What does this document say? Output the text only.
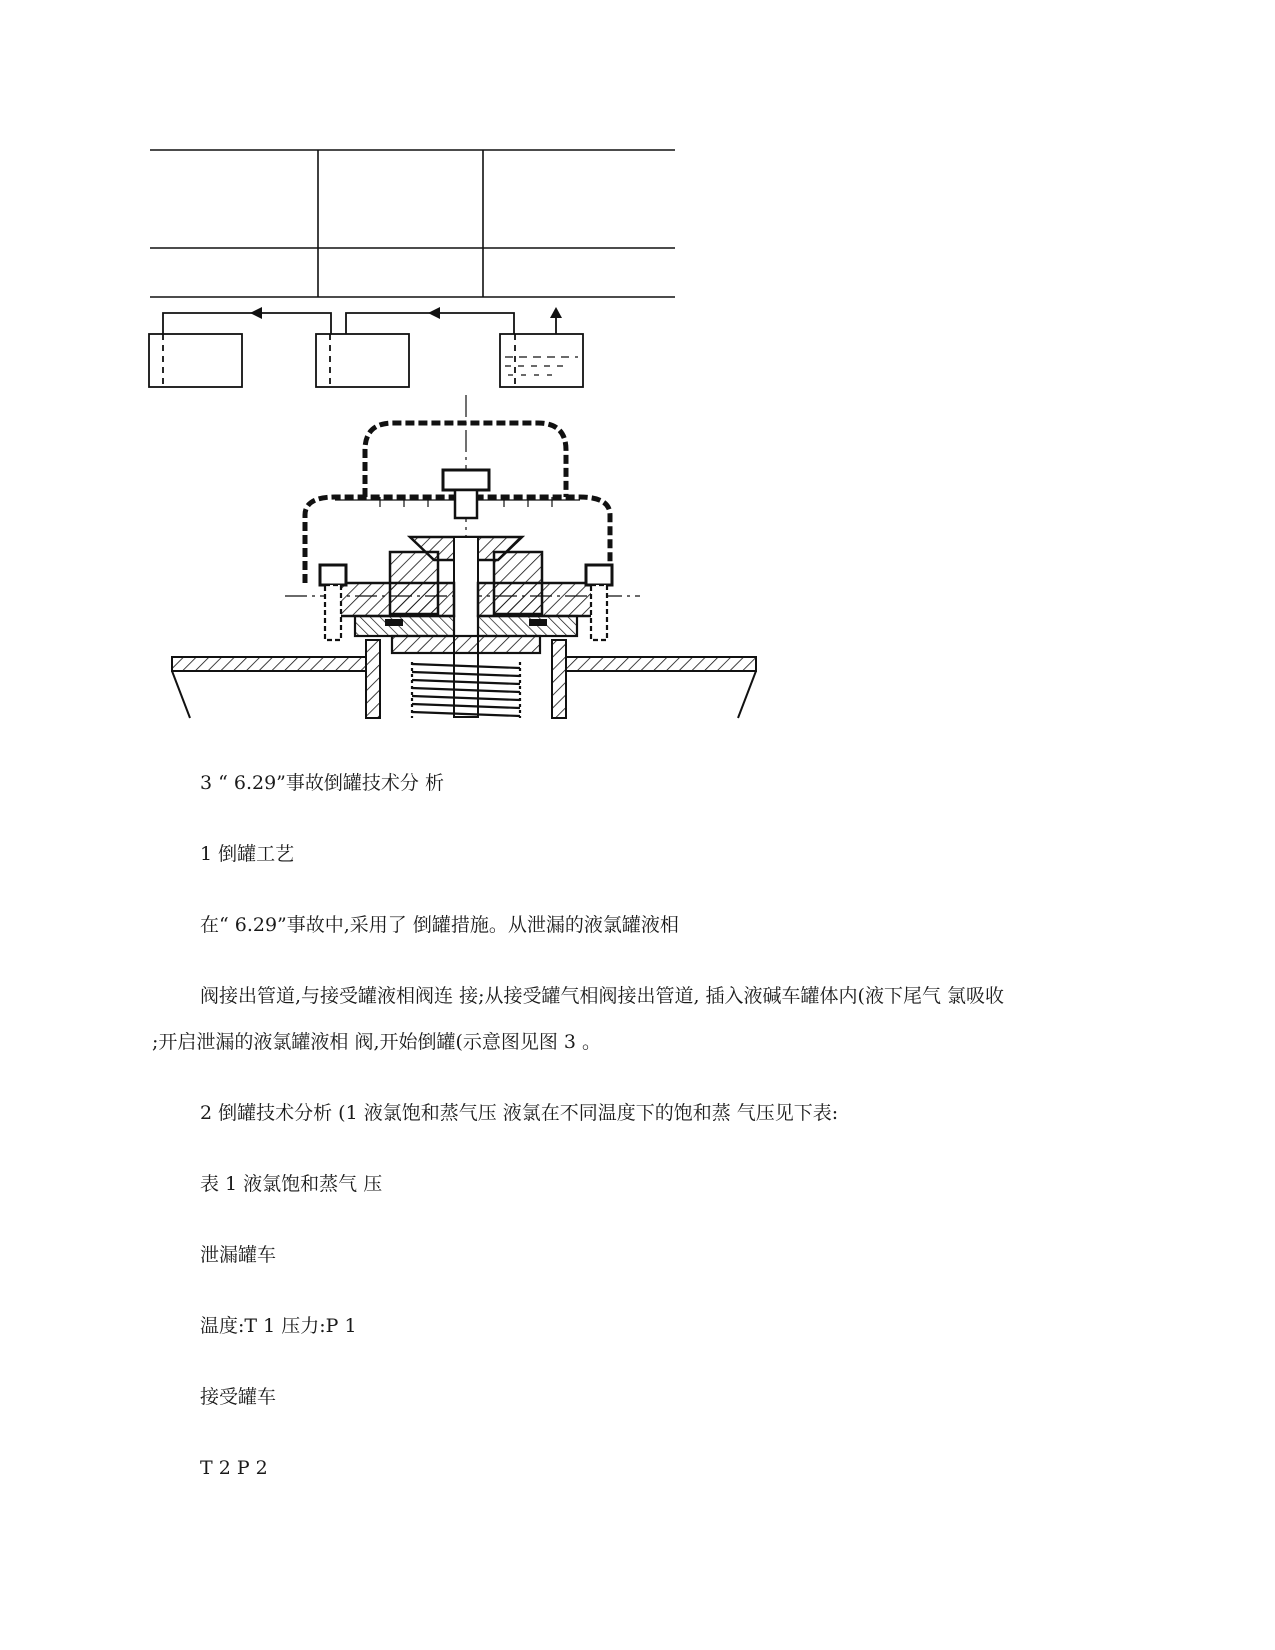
3 “ 6.29”事故倒罐技术分 析

1 倒罐工艺

在“ 6.29”事故中,采用了 倒罐措施。从泄漏的液氯罐液相

阀接出管道,与接受罐液相阀连 接;从接受罐气相阀接出管道, 插入液碱车罐体内(液下尾气 氯吸收

;开启泄漏的液氯罐液相 阀,开始倒罐(示意图见图 3 。

2 倒罐技术分析 (1 液氯饱和蒸气压 液氯在不同温度下的饱和蒸 气压见下表:

表 1 液氯饱和蒸气 压

泄漏罐车

温度:T 1 压力:P 1

接受罐车

T 2 P 2
